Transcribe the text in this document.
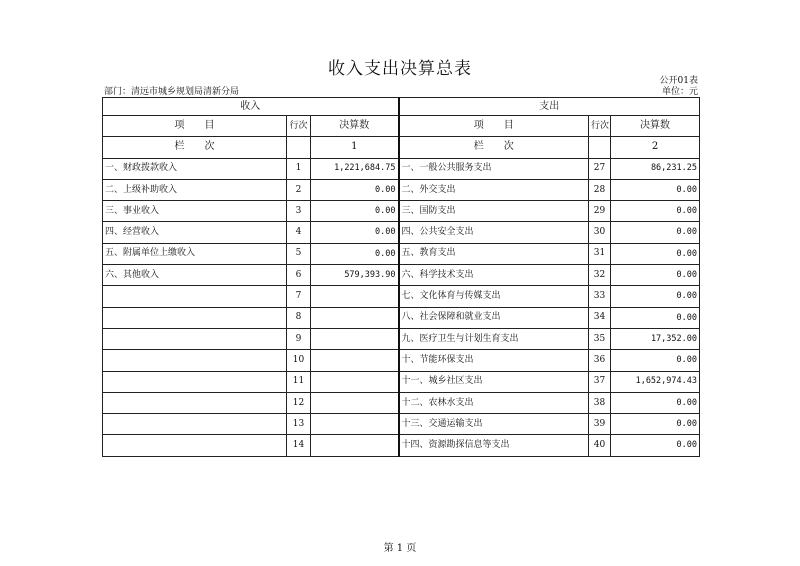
收入支出决算总表
公开01表
部门：清远市城乡规划局清新分局	单位：元
收入			支出		
项　　目	行次	决算数	项　　目	行次	决算数
栏　　次		1	栏　　次		2
一、财政拨款收入	1	1,221,684.75	一、一般公共服务支出	27	86,231.25
二、上级补助收入	2	0.00	二、外交支出	28	0.00
三、事业收入	3	0.00	三、国防支出	29	0.00
四、经营收入	4	0.00	四、公共安全支出	30	0.00
五、附属单位上缴收入	5	0.00	五、教育支出	31	0.00
六、其他收入	6	579,393.90	六、科学技术支出	32	0.00
	7		七、文化体育与传媒支出	33	0.00
	8		八、社会保障和就业支出	34	0.00
	9		九、医疗卫生与计划生育支出	35	17,352.00
	10		十、节能环保支出	36	0.00
	11		十一、城乡社区支出	37	1,652,974.43
	12		十二、农林水支出	38	0.00
	13		十三、交通运输支出	39	0.00
	14		十四、资源勘探信息等支出	40	0.00
第 1 页
